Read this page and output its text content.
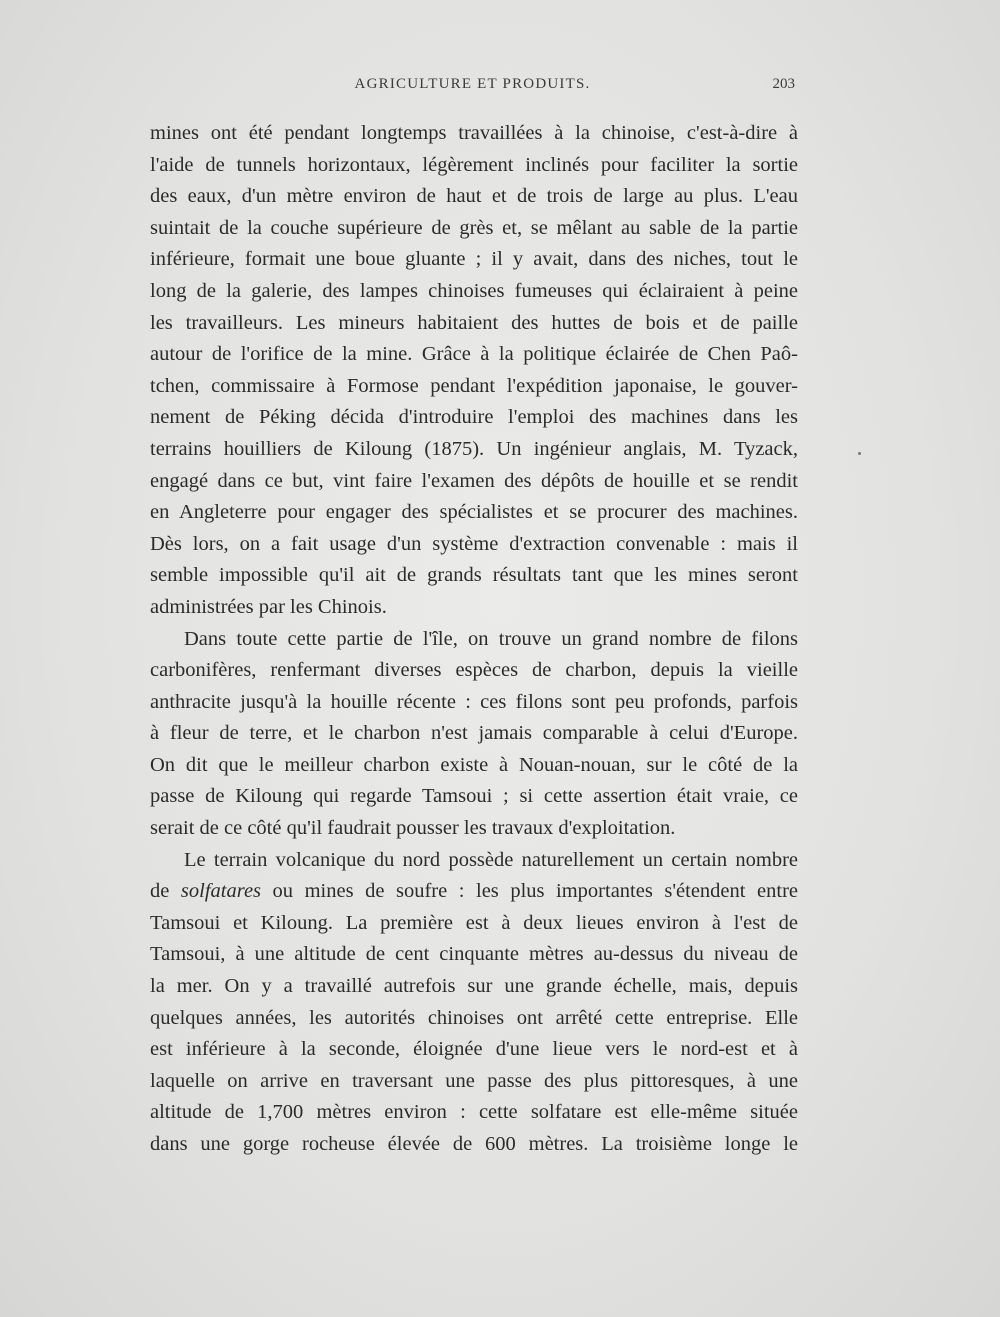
AGRICULTURE ET PRODUITS.	203
mines ont été pendant longtemps travaillées à la chinoise, c'est-à-dire à
l'aide de tunnels horizontaux, légèrement inclinés pour faciliter la sortie
des eaux, d'un mètre environ de haut et de trois de large au plus. L'eau
suintait de la couche supérieure de grès et, se mêlant au sable de la partie
inférieure, formait une boue gluante ; il y avait, dans des niches, tout le
long de la galerie, des lampes chinoises fumeuses qui éclairaient à peine
les travailleurs. Les mineurs habitaient des huttes de bois et de paille
autour de l'orifice de la mine. Grâce à la politique éclairée de Chen Paô-
tchen, commissaire à Formose pendant l'expédition japonaise, le gouver-
nement de Péking décida d'introduire l'emploi des machines dans les
terrains houilliers de Kiloung (1875). Un ingénieur anglais, M. Tyzack,
engagé dans ce but, vint faire l'examen des dépôts de houille et se rendit
en Angleterre pour engager des spécialistes et se procurer des machines.
Dès lors, on a fait usage d'un système d'extraction convenable : mais il
semble impossible qu'il ait de grands résultats tant que les mines seront
administrées par les Chinois.
Dans toute cette partie de l'île, on trouve un grand nombre de filons
carbonifères, renfermant diverses espèces de charbon, depuis la vieille
anthracite jusqu'à la houille récente : ces filons sont peu profonds, parfois
à fleur de terre, et le charbon n'est jamais comparable à celui d'Europe.
On dit que le meilleur charbon existe à Nouan-nouan, sur le côté de la
passe de Kiloung qui regarde Tamsoui ; si cette assertion était vraie, ce
serait de ce côté qu'il faudrait pousser les travaux d'exploitation.
Le terrain volcanique du nord possède naturellement un certain nombre
de solfatares ou mines de soufre : les plus importantes s'étendent entre
Tamsoui et Kiloung. La première est à deux lieues environ à l'est de
Tamsoui, à une altitude de cent cinquante mètres au-dessus du niveau de
la mer. On y a travaillé autrefois sur une grande échelle, mais, depuis
quelques années, les autorités chinoises ont arrêté cette entreprise. Elle
est inférieure à la seconde, éloignée d'une lieue vers le nord-est et à
laquelle on arrive en traversant une passe des plus pittoresques, à une
altitude de 1,700 mètres environ : cette solfatare est elle-même située
dans une gorge rocheuse élevée de 600 mètres. La troisième longe le
